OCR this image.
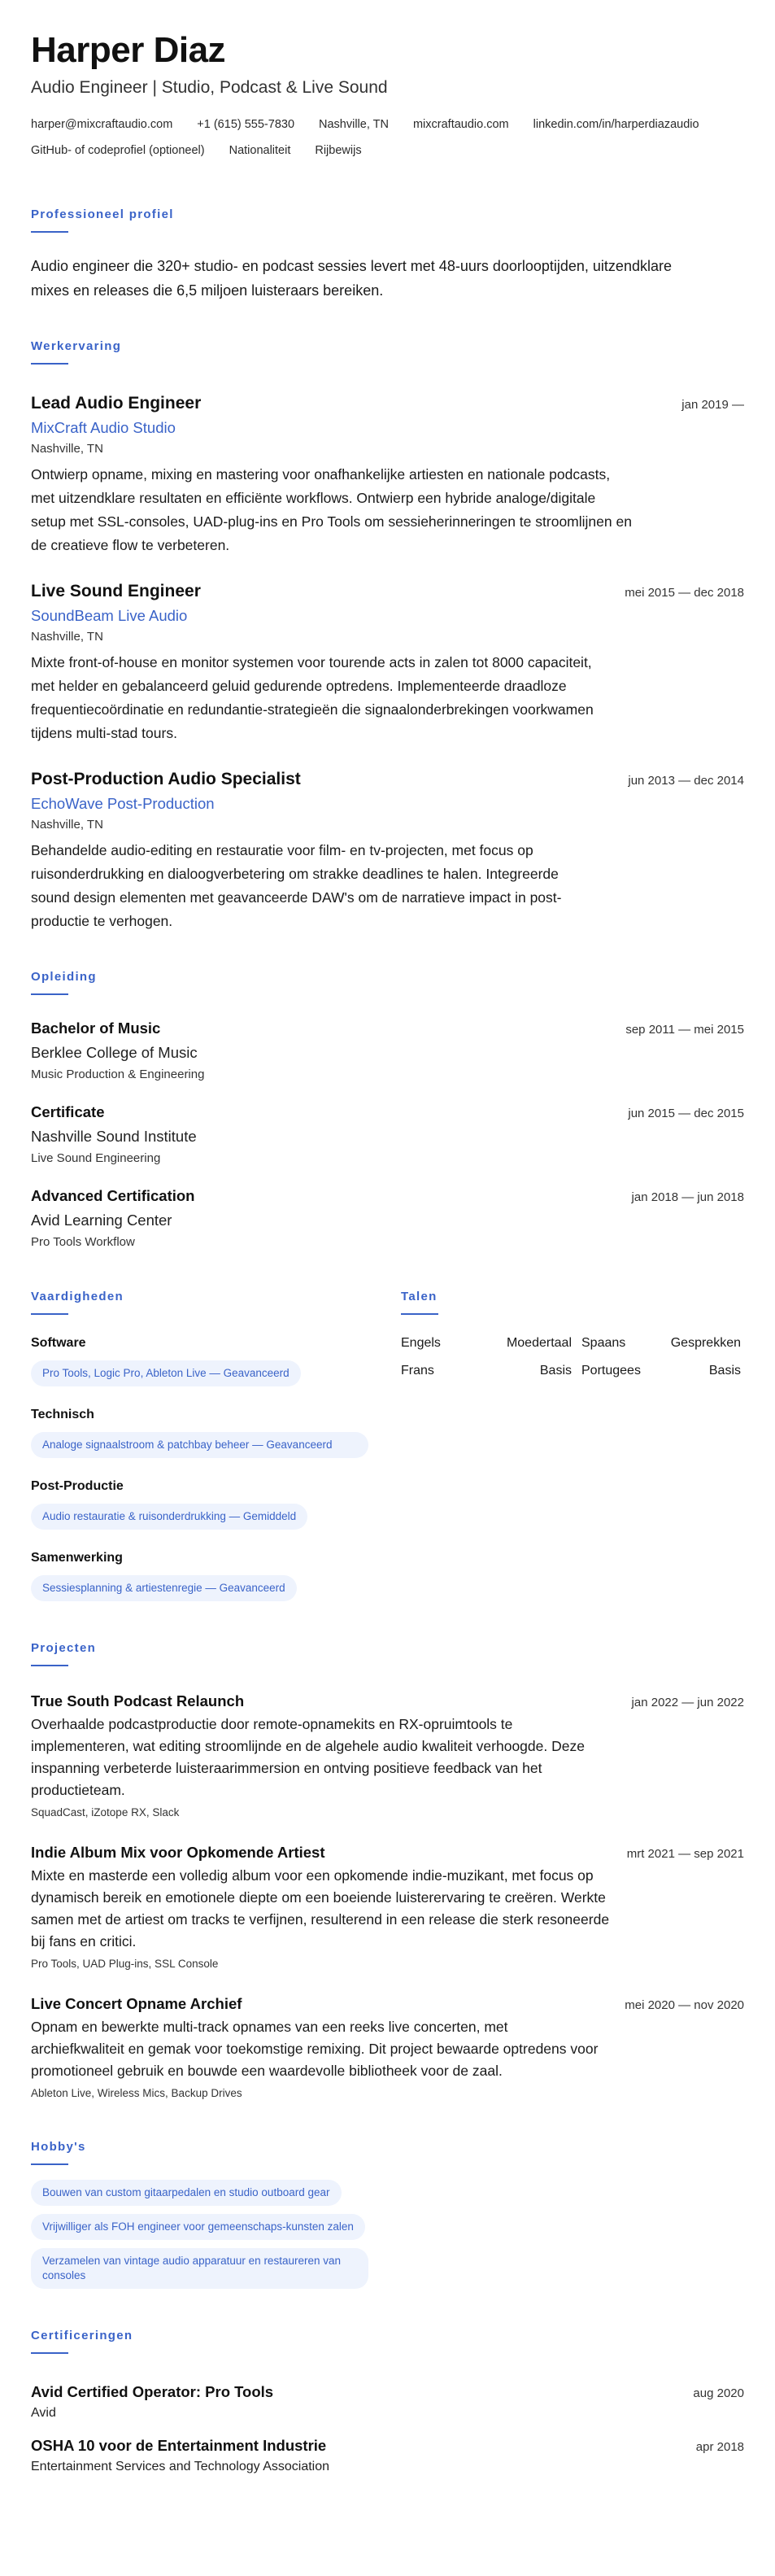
Harper Diaz
Audio Engineer | Studio, Podcast & Live Sound
harper@mixcraftaudio.com +1 (615) 555-7830 Nashville, TN mixcraftaudio.com linkedin.com/in/harperdiazaudio
GitHub- of codeprofiel (optioneel) Nationaliteit Rijbewijs
Professioneel profiel

Audio engineer die 320+ studio- en podcast sessies levert met 48-uurs doorlooptijden, uitzendklare mixes en releases die 6,5 miljoen luisteraars bereiken.

Werkervaring
Lead Audio Engineer	jan 2019 —
MixCraft Audio Studio
Nashville, TN

Ontwierp opname, mixing en mastering voor onafhankelijke artiesten en nationale podcasts, met uitzendklare resultaten en efficiënte workflows. Ontwierp een hybride analoge/digitale setup met SSL-consoles, UAD-plug-ins en Pro Tools om sessieherinneringen te stroomlijnen en de creatieve flow te verbeteren.

Live Sound Engineer	mei 2015 — dec 2018
SoundBeam Live Audio
Nashville, TN

Mixte front-of-house en monitor systemen voor tourende acts in zalen tot 8000 capaciteit, met helder en gebalanceerd geluid gedurende optredens. Implementeerde draadloze frequentiecoördinatie en redundantie-strategieën die signaalonderbrekingen voorkwamen tijdens multi-stad tours.

Post-Production Audio Specialist	jun 2013 — dec 2014
EchoWave Post-Production
Nashville, TN

Behandelde audio-editing en restauratie voor film- en tv-projecten, met focus op ruisonderdrukking en dialoogverbetering om strakke deadlines te halen. Integreerde sound design elementen met geavanceerde DAW's om de narratieve impact in post-productie te verhogen.

Opleiding
Bachelor of Music	sep 2011 — mei 2015
Berklee College of Music
Music Production & Engineering
Certificate	jun 2015 — dec 2015
Nashville Sound Institute
Live Sound Engineering
Advanced Certification	jan 2018 — jun 2018
Avid Learning Center
Pro Tools Workflow
Vaardigheden
Software
Pro Tools, Logic Pro, Ableton Live — Geavanceerd
Technisch
Analoge signaalstroom & patchbay beheer — Geavanceerd
Post-Productie
Audio restauratie & ruisonderdrukking — Gemiddeld
Samenwerking
Sessiesplanning & artiestenregie — Geavanceerd
Talen
Engels	Moedertaal Spaans	Gesprekken
Frans	Basis Portugees	Basis
Projecten
True South Podcast Relaunch	jan 2022 — jun 2022

Overhaalde podcastproductie door remote-opnamekits en RX-opruimtools te implementeren, wat editing stroomlijnde en de algehele audio kwaliteit verhoogde. Deze inspanning verbeterde luisteraarimmersion en ontving positieve feedback van het productieteam.

SquadCast, iZotope RX, Slack
Indie Album Mix voor Opkomende Artiest	mrt 2021 — sep 2021

Mixte en masterde een volledig album voor een opkomende indie-muzikant, met focus op dynamisch bereik en emotionele diepte om een boeiende luisterervaring te creëren. Werkte samen met de artiest om tracks te verfijnen, resulterend in een release die sterk resoneerde bij fans en critici.

Pro Tools, UAD Plug-ins, SSL Console
Live Concert Opname Archief	mei 2020 — nov 2020

Opnam en bewerkte multi-track opnames van een reeks live concerten, met archiefkwaliteit en gemak voor toekomstige remixing. Dit project bewaarde optredens voor promotioneel gebruik en bouwde een waardevolle bibliotheek voor de zaal.

Ableton Live, Wireless Mics, Backup Drives
Hobby's
Bouwen van custom gitaarpedalen en studio outboard gear
Vrijwilliger als FOH engineer voor gemeenschaps-kunsten zalen
Verzamelen van vintage audio apparatuur en restaureren van consoles
Certificeringen
Avid Certified Operator: Pro Tools	aug 2020
Avid
OSHA 10 voor de Entertainment Industrie	apr 2018
Entertainment Services and Technology Association
